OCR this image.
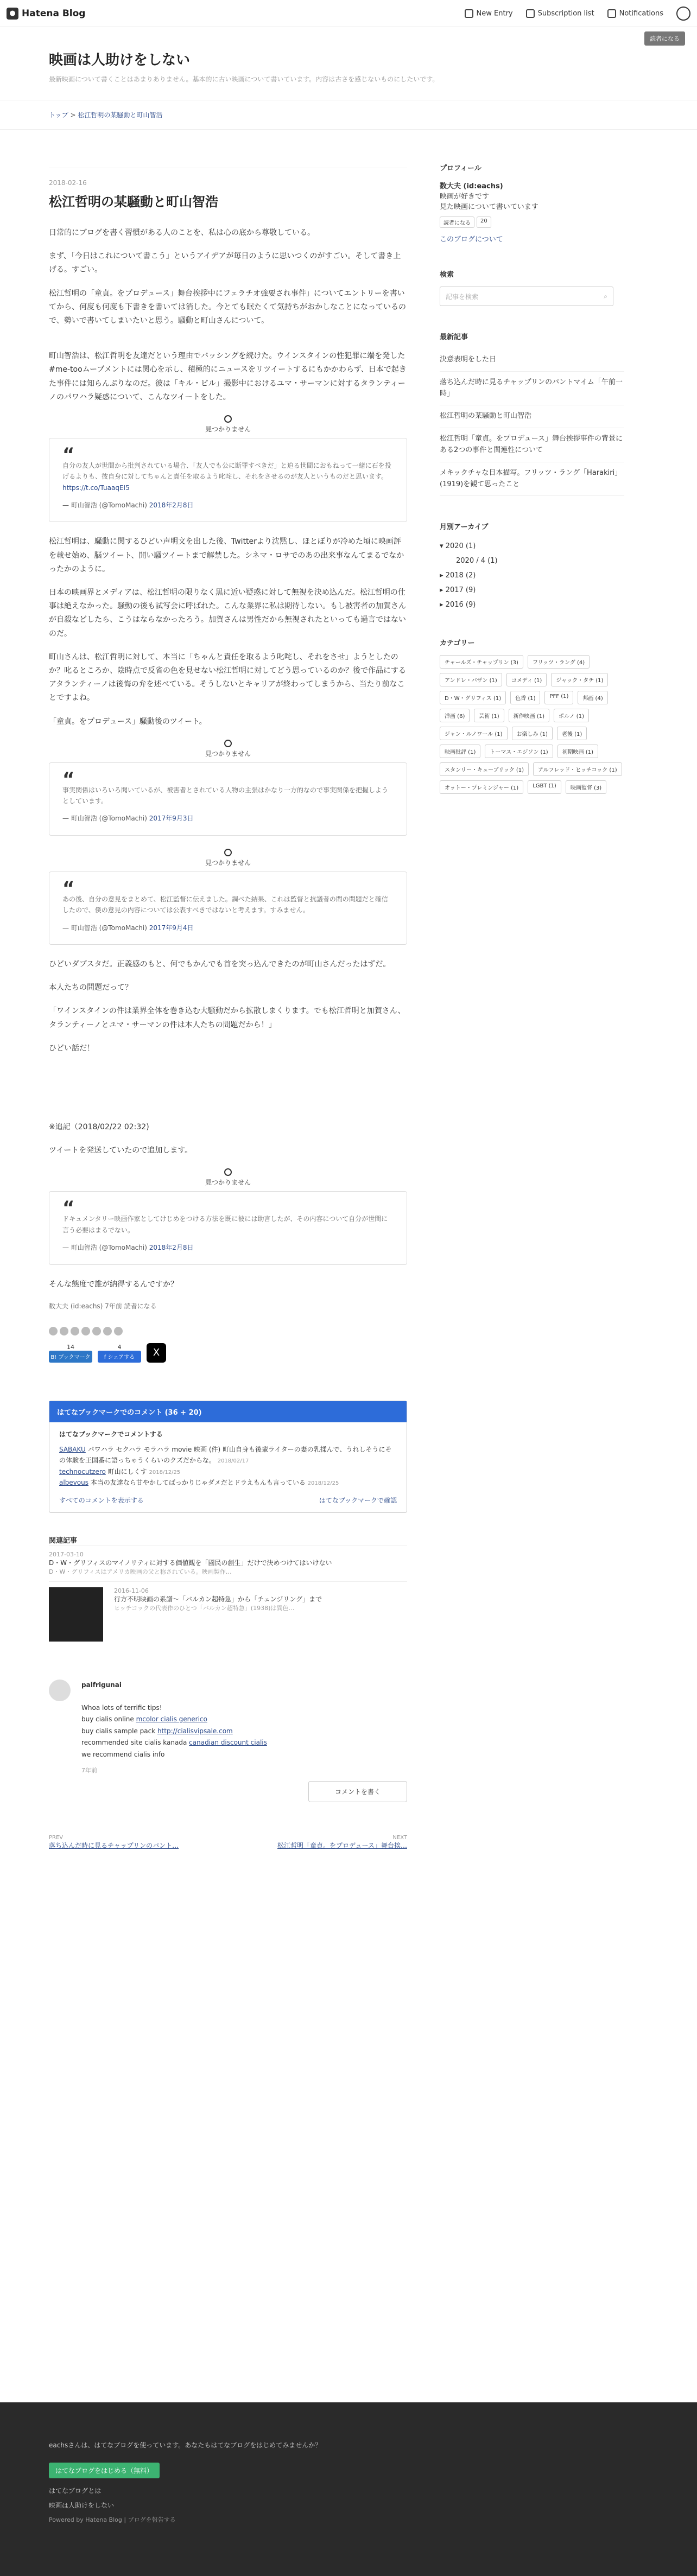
● Hatena Blog	New Entry	Subscription list	Notifications
読者になる
映画は人助けをしない

最新映画について書くことはあまりありません。基本的に古い映画について書いています。内容は古さを感じないものにしたいです。

トップ > 松江哲明の某騒動と町山智浩
2018-02-16
松江哲明の某騒動と町山智浩

日常的にブログを書く習慣がある人のことを、私は心の底から尊敬している。

まず、「今日はこれについて書こう」というアイデアが毎日のように思いつくのがすごい。そして書き上げる。すごい。

松江哲明の「童貞。をプロデュース」舞台挨拶中にフェラチオ強要され事件」についてエントリーを書いてから、何度も何度も下書きを書いては消した。今とても眠たくて気持ちがおかしなことになっているので、勢いで書いてしまいたいと思う。騒動と町山さんについて。

町山智浩は、松江哲明を友達だという理由でバッシングを続けた。ウインスタインの性犯罪に端を発した#me-tooムーブメントには関心を示し、積極的にニュースをリツイートするにもかかわらず、日本で起きた事件には知らんぷりなのだ。彼は「キル・ビル」撮影中におけるユマ・サーマンに対するタランティーノのパワハラ疑惑について、こんなツイートをした。

見つかりません
“
自分の友人が世間から批判されている場合、「友人でも公に断罪すべきだ」と迫る世間におもねって一緒に石を投げるよりも、彼自身に対してちゃんと責任を取るよう叱咤し、それをさせるのが友人というものだと思います。
https://t.co/TuaaqEI5
— 町山智浩 (@TomoMachi) 2018年2月8日

松江哲明は、騒動に関するひどい声明文を出した後、Twitterより沈黙し、ほとぼりが冷めた頃に映画評を載せ始め、脳ツイート、開い騒ツイートまで解禁した。シネマ・ロサでのあの出来事なんてまるでなかったかのように。

日本の映画界とメディアは、松江哲明の限りなく黒に近い疑惑に対して無視を決め込んだ。松江哲明の仕事は絶えなかった。騒動の後も試写会に呼ばれた。こんな業界に私は期待しない。もし被害者の加賀さんが自殺などしたら、こうはならなかったろう。加賀さんは男性だから無視されたといっても過言ではないのだ。

町山さんは、松江哲明に対して、本当に「ちゃんと責任を取るよう叱咤し、それをさせ」ようとしたのか？叱るところか、陰時点で反省の色を見せない松江哲明に対してどう思っているのか？後で作品にするアタランティーノは後悔の弁を述べている。そうしないとキャリアが終わってしまうから、当たり前なことですよね。

「童貞。をプロデュース」騒動後のツイート。

見つかりません
“
事実関係はいろいろ聞いているが、被害者とされている人物の主張はかなり一方的なので事実関係を把握しようとしています。
— 町山智浩 (@TomoMachi) 2017年9月3日

見つかりません
“
あの後、自分の意見をまとめて、松江監督に伝えました。調べた結果、これは監督と抗議者の間の問題だと確信したので、僕の意見の内容については公表すべきではないと考えます。すみません。
— 町山智浩 (@TomoMachi) 2017年9月4日

ひどいダブスタだ。正義感のもと、何でもかんでも首を突っ込んできたのが町山さんだったはずだ。

本人たちの問題だって？

「ワインスタインの件は業界全体を巻き込む大騒動だから拡散しまくります。でも松江哲明と加賀さん、タランティーノとユマ・サーマンの件は本人たちの問題だから！」

ひどい話だ！

※追記（2018/02/22 02:32)

ツイートを発送していたので追加します。

見つかりません
“
ドキュメンタリー映画作家としてけじめをつける方法を既に彼には助言したが、その内容について自分が世間に言う必要はまるでない。
— 町山智浩 (@TomoMachi) 2018年2月8日

そんな態度で誰が納得するんですか？

数大夫 (id:eachs) 7年前 読者になる
14
B! ブックマーク
4
f シェアする	X
はてなブックマークでのコメント (36 + 20)
はてなブックマークでコメントする
SABAKU パワハラ セクハラ モラハラ movie 映画 (件) 町山自身も後輩ライターの妻の乳揉んで、うれしそうにその体験を王国番に語っちゃうくらいのクズだからな。 2018/02/17
technocutzero 町山にしくす 2018/12/25
albevous 本当の友達なら甘やかしてばっかりじゃダメだとドラえもんも言っている 2018/12/25
すべてのコメントを表示する	はてなブックマークで確認
関連記事
2017-03-10
D・W・グリフィスのマイノリティに対する価値観を「國民の創生」だけで決めつけてはいけない
D・W・グリフィスはアメリカ映画の父と称されている。映画製作…
2016-11-06
行方不明映画の系譜〜「バルカン超特急」から「チェンジリング」まで
ヒッチコックの代表作のひとつ「バルカン超特急」(1938)は異色…
palfrigunai
Whoa lots of terrific tips!
buy cialis online mcolor cialis generico
buy cialis sample pack http://cialisvipsale.com
recommended site cialis kanada canadian discount cialis
we recommend cialis info
7年前
コメントを書く
PREV
落ち込んだ時に見るチャップリンのパント…
NEXT
松江哲明「童貞。をプロデュース」舞台挨…
プロフィール
数大夫 (id:eachs)
映画が好きです
見た映画について書いています
読者になる	20
このブログについて
検索
記事を検索	⌕
最新記事
決意表明をした日
落ち込んだ時に見るチャップリンのパントマイム「午前一時」
松江哲明の某騒動と町山智浩
松江哲明「童貞。をプロデュース」舞台挨拶事件の背景にある2つの事件と関連性について
メキックチャな日本描写。フリッツ・ラング「Harakiri」(1919)を観て思ったこと
月別アーカイブ
▾ 2020 (1)
2020 / 4 (1)
▸ 2018 (2)
▸ 2017 (9)
▸ 2016 (9)
カテゴリー
チャールズ・チャップリン (3)	フリッツ・ラング (4)
アンドレ・バザン (1)	コメディ (1)	ジャック・タチ (1)
D・W・グリフィス (1)	色香 (1)	PFF (1)	邦画 (4)
洋画 (6)	芸術 (1)	新作映画 (1)	ポルノ (1)
ジャン・ルノワール (1)	お楽しみ (1)	老後 (1)
映画批評 (1)	トーマス・エジソン (1)	初期映画 (1)
スタンリー・キューブリック (1)	アルフレッド・ヒッチコック (1)
オットー・プレミンジャー (1)	LGBT (1)	映画監督 (3)
eachsさんは、はてなブログを使っています。あなたもはてなブログをはじめてみませんか？
はてなブログをはじめる（無料）
はてなブログとは
映画は人助けをしない
Powered by Hatena Blog | ブログを報告する
